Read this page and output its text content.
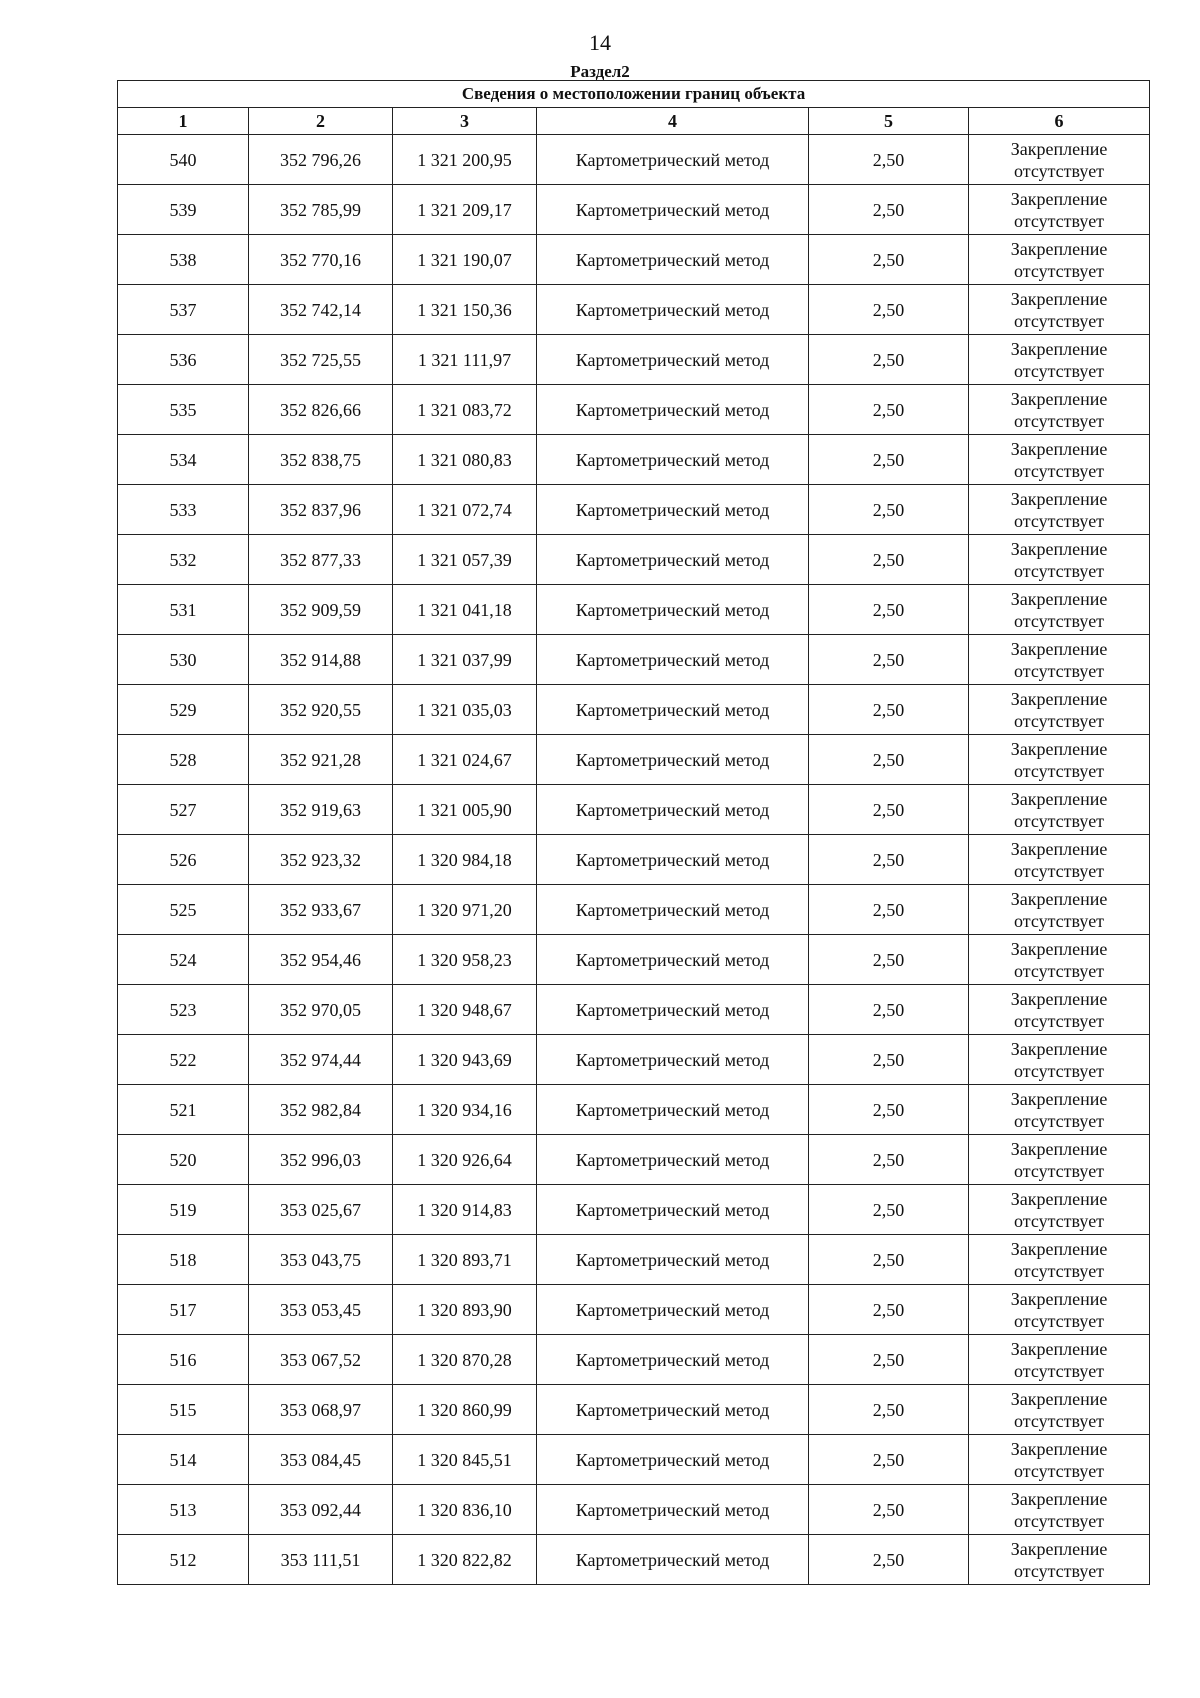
14
Раздел2
Сведения о местоположении границ объекта					
1	2	3	4	5	6
540	352 796,26	1 321 200,95	Картометрический метод	2,50	Закрепление
отсутствует

539	352 785,99	1 321 209,17	Картометрический метод	2,50	Закрепление
отсутствует

538	352 770,16	1 321 190,07	Картометрический метод	2,50	Закрепление
отсутствует

537	352 742,14	1 321 150,36	Картометрический метод	2,50	Закрепление
отсутствует

536	352 725,55	1 321 111,97	Картометрический метод	2,50	Закрепление
отсутствует

535	352 826,66	1 321 083,72	Картометрический метод	2,50	Закрепление
отсутствует

534	352 838,75	1 321 080,83	Картометрический метод	2,50	Закрепление
отсутствует

533	352 837,96	1 321 072,74	Картометрический метод	2,50	Закрепление
отсутствует

532	352 877,33	1 321 057,39	Картометрический метод	2,50	Закрепление
отсутствует

531	352 909,59	1 321 041,18	Картометрический метод	2,50	Закрепление
отсутствует

530	352 914,88	1 321 037,99	Картометрический метод	2,50	Закрепление
отсутствует

529	352 920,55	1 321 035,03	Картометрический метод	2,50	Закрепление
отсутствует

528	352 921,28	1 321 024,67	Картометрический метод	2,50	Закрепление
отсутствует

527	352 919,63	1 321 005,90	Картометрический метод	2,50	Закрепление
отсутствует

526	352 923,32	1 320 984,18	Картометрический метод	2,50	Закрепление
отсутствует

525	352 933,67	1 320 971,20	Картометрический метод	2,50	Закрепление
отсутствует

524	352 954,46	1 320 958,23	Картометрический метод	2,50	Закрепление
отсутствует

523	352 970,05	1 320 948,67	Картометрический метод	2,50	Закрепление
отсутствует

522	352 974,44	1 320 943,69	Картометрический метод	2,50	Закрепление
отсутствует

521	352 982,84	1 320 934,16	Картометрический метод	2,50	Закрепление
отсутствует

520	352 996,03	1 320 926,64	Картометрический метод	2,50	Закрепление
отсутствует

519	353 025,67	1 320 914,83	Картометрический метод	2,50	Закрепление
отсутствует

518	353 043,75	1 320 893,71	Картометрический метод	2,50	Закрепление
отсутствует

517	353 053,45	1 320 893,90	Картометрический метод	2,50	Закрепление
отсутствует

516	353 067,52	1 320 870,28	Картометрический метод	2,50	Закрепление
отсутствует

515	353 068,97	1 320 860,99	Картометрический метод	2,50	Закрепление
отсутствует

514	353 084,45	1 320 845,51	Картометрический метод	2,50	Закрепление
отсутствует

513	353 092,44	1 320 836,10	Картометрический метод	2,50	Закрепление
отсутствует

512	353 111,51	1 320 822,82	Картометрический метод	2,50	Закрепление
отсутствует
